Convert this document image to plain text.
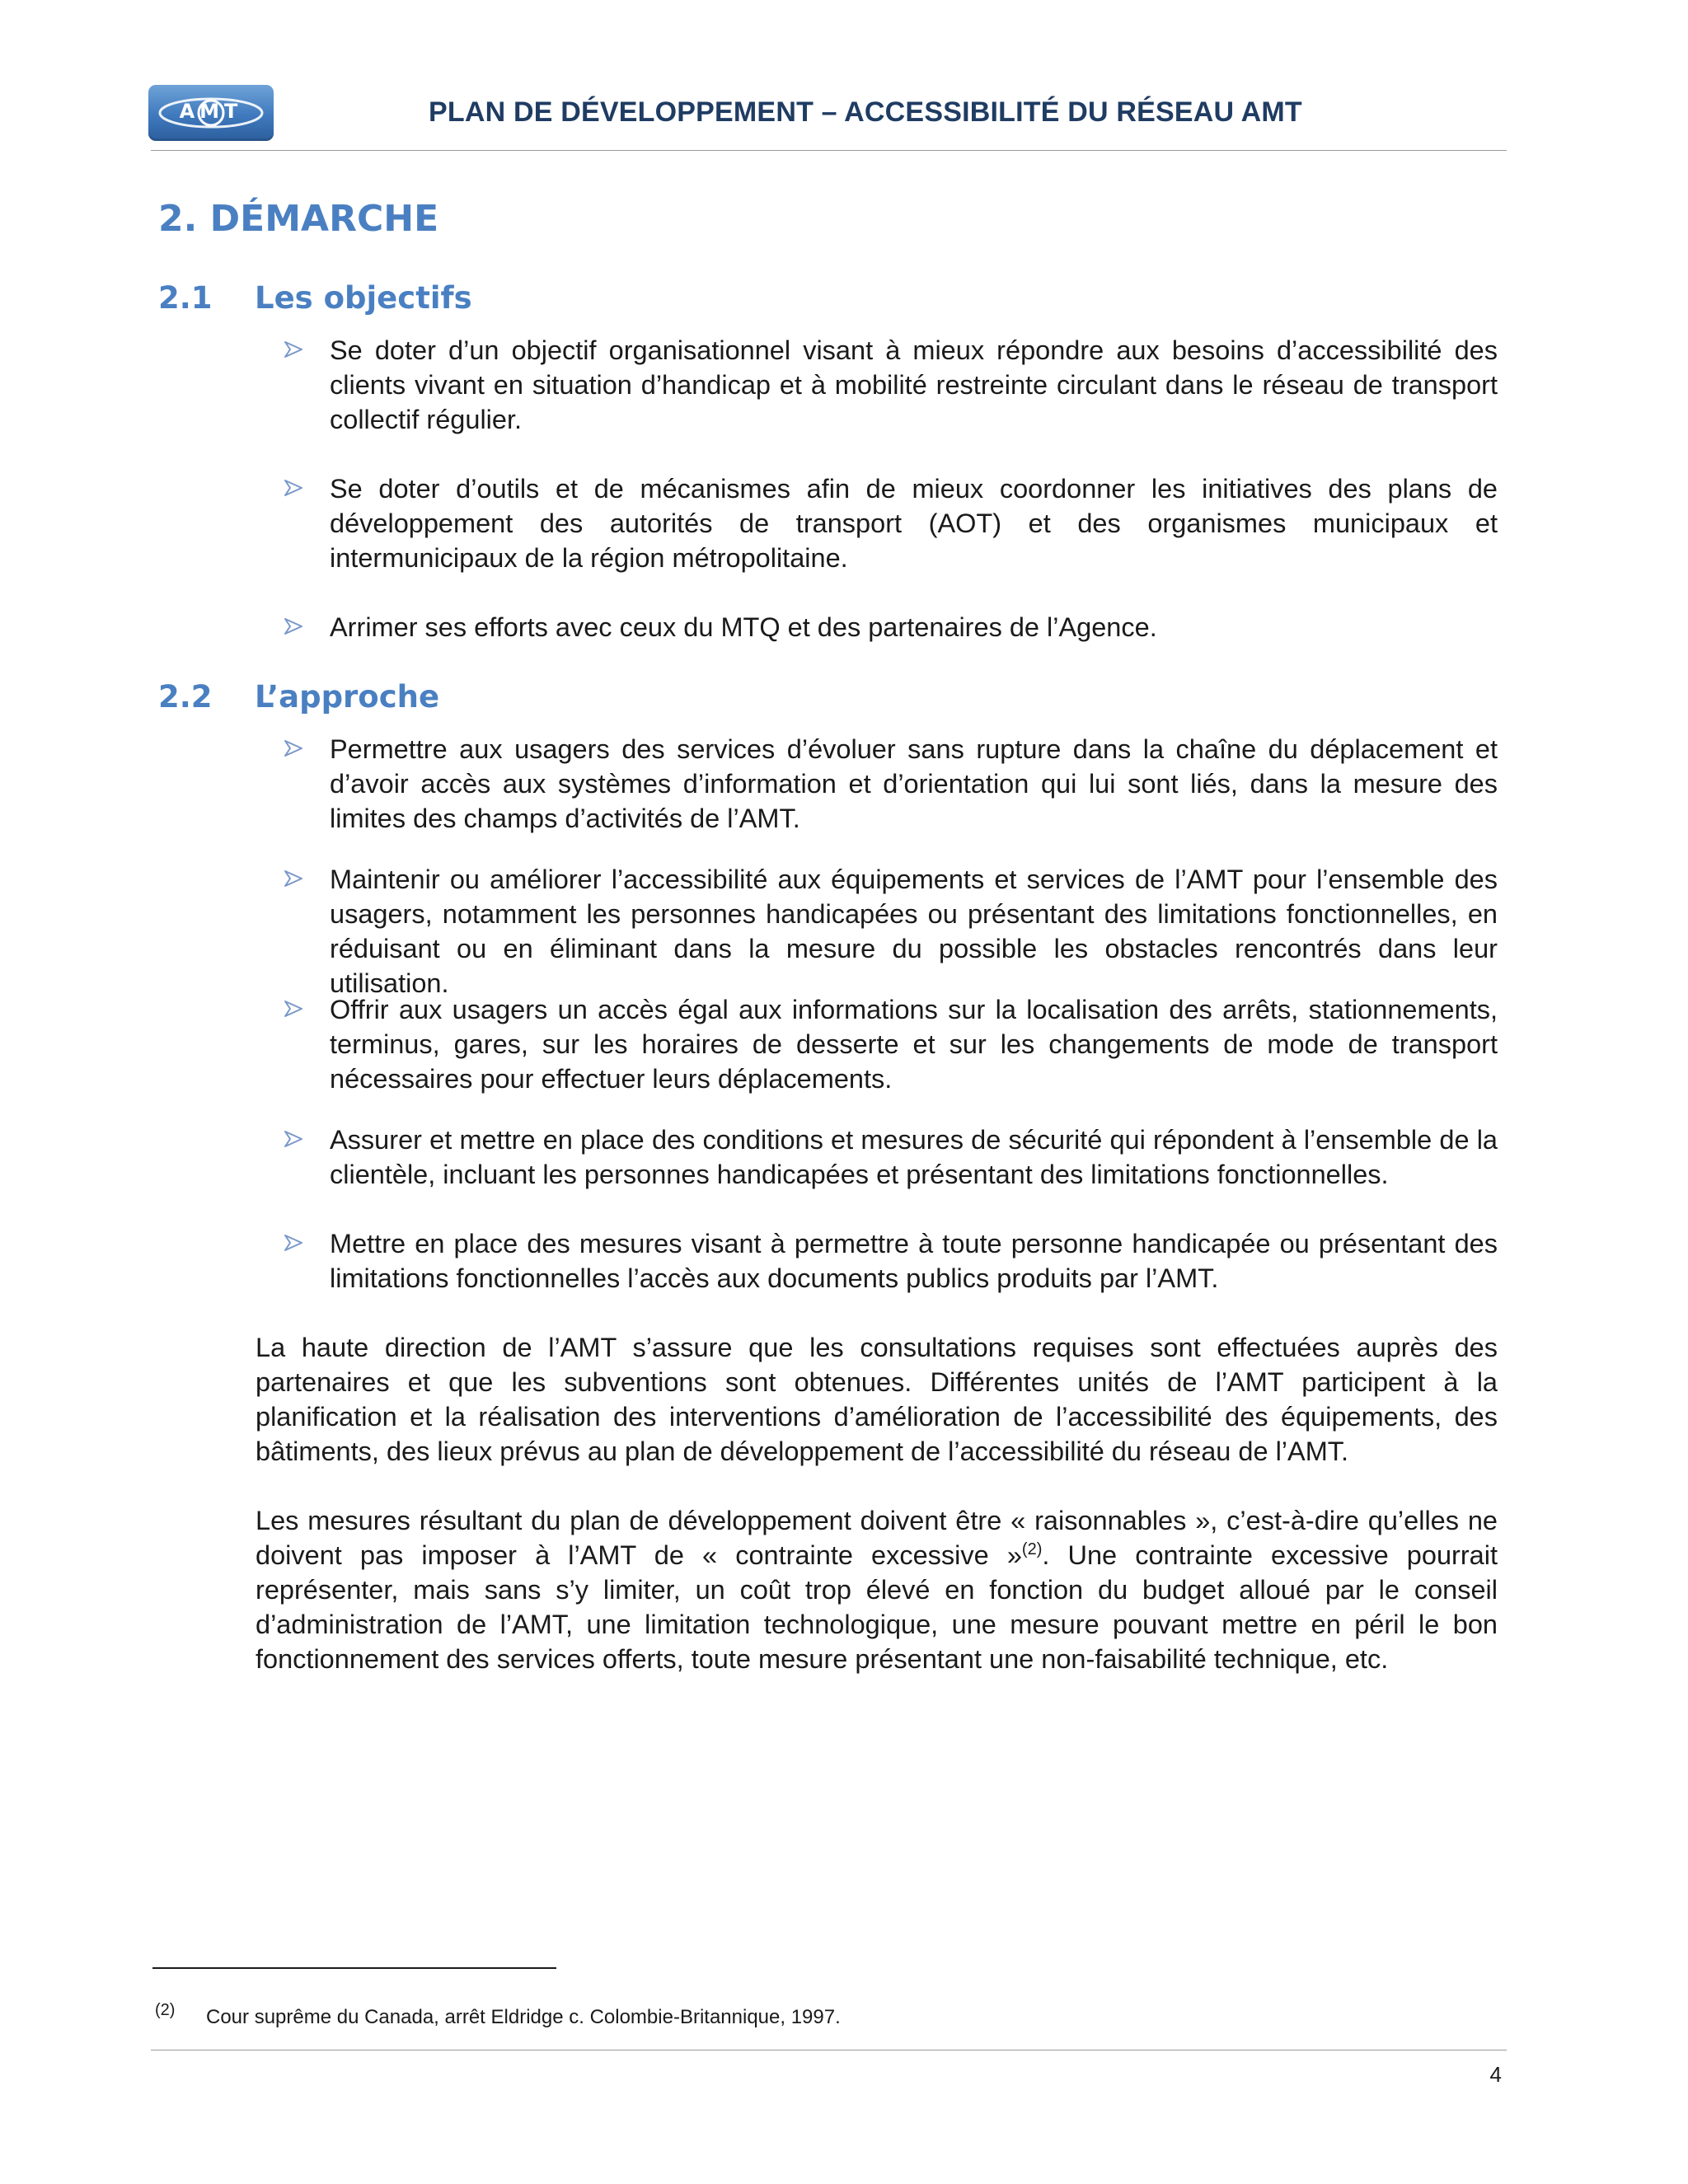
AMT	PLAN DE DÉVELOPPEMENT – ACCESSIBILITÉ DU RÉSEAU AMT
2. DÉMARCHE
2.1 Les objectifs
Se doter d’un objectif organisationnel visant à mieux répondre aux besoins d’accessibilité des clients vivant en situation d’handicap et à mobilité restreinte circulant dans le réseau de transport collectif régulier.
Se doter d’outils et de mécanismes afin de mieux coordonner les initiatives des plans de développement des autorités de transport (AOT) et des organismes municipaux et intermunicipaux de la région métropolitaine.
Arrimer ses efforts avec ceux du MTQ et des partenaires de l’Agence.
2.2 L’approche
Permettre aux usagers des services d’évoluer sans rupture dans la chaîne du déplacement et d’avoir accès aux systèmes d’information et d’orientation qui lui sont liés, dans la mesure des limites des champs d’activités de l’AMT.
Maintenir ou améliorer l’accessibilité aux équipements et services de l’AMT pour l’ensemble des usagers, notamment les personnes handicapées ou présentant des limitations fonctionnelles, en réduisant ou en éliminant dans la mesure du possible les obstacles rencontrés dans leur utilisation.
Offrir aux usagers un accès égal aux informations sur la localisation des arrêts, stationnements, terminus, gares, sur les horaires de desserte et sur les changements de mode de transport nécessaires pour effectuer leurs déplacements.
Assurer et mettre en place des conditions et mesures de sécurité qui répondent à l’ensemble de la clientèle, incluant les personnes handicapées et présentant des limitations fonctionnelles.
Mettre en place des mesures visant à permettre à toute personne handicapée ou présentant des limitations fonctionnelles l’accès aux documents publics produits par l’AMT.
La haute direction de l’AMT s’assure que les consultations requises sont effectuées auprès des partenaires et que les subventions sont obtenues. Différentes unités de l’AMT participent à la planification et la réalisation des interventions d’amélioration de l’accessibilité des équipements, des bâtiments, des lieux prévus au plan de développement de l’accessibilité du réseau de l’AMT.
Les mesures résultant du plan de développement doivent être « raisonnables », c’est-à-dire qu’elles ne doivent pas imposer à l’AMT de « contrainte excessive »$^{(2)}$. Une contrainte excessive pourrait représenter, mais sans s’y limiter, un coût trop élevé en fonction du budget alloué par le conseil d’administration de l’AMT, une limitation technologique, une mesure pouvant mettre en péril le bon fonctionnement des services offerts, toute mesure présentant une non-faisabilité technique, etc.
(2) Cour suprême du Canada, arrêt Eldridge c. Colombie-Britannique, 1997.
4
